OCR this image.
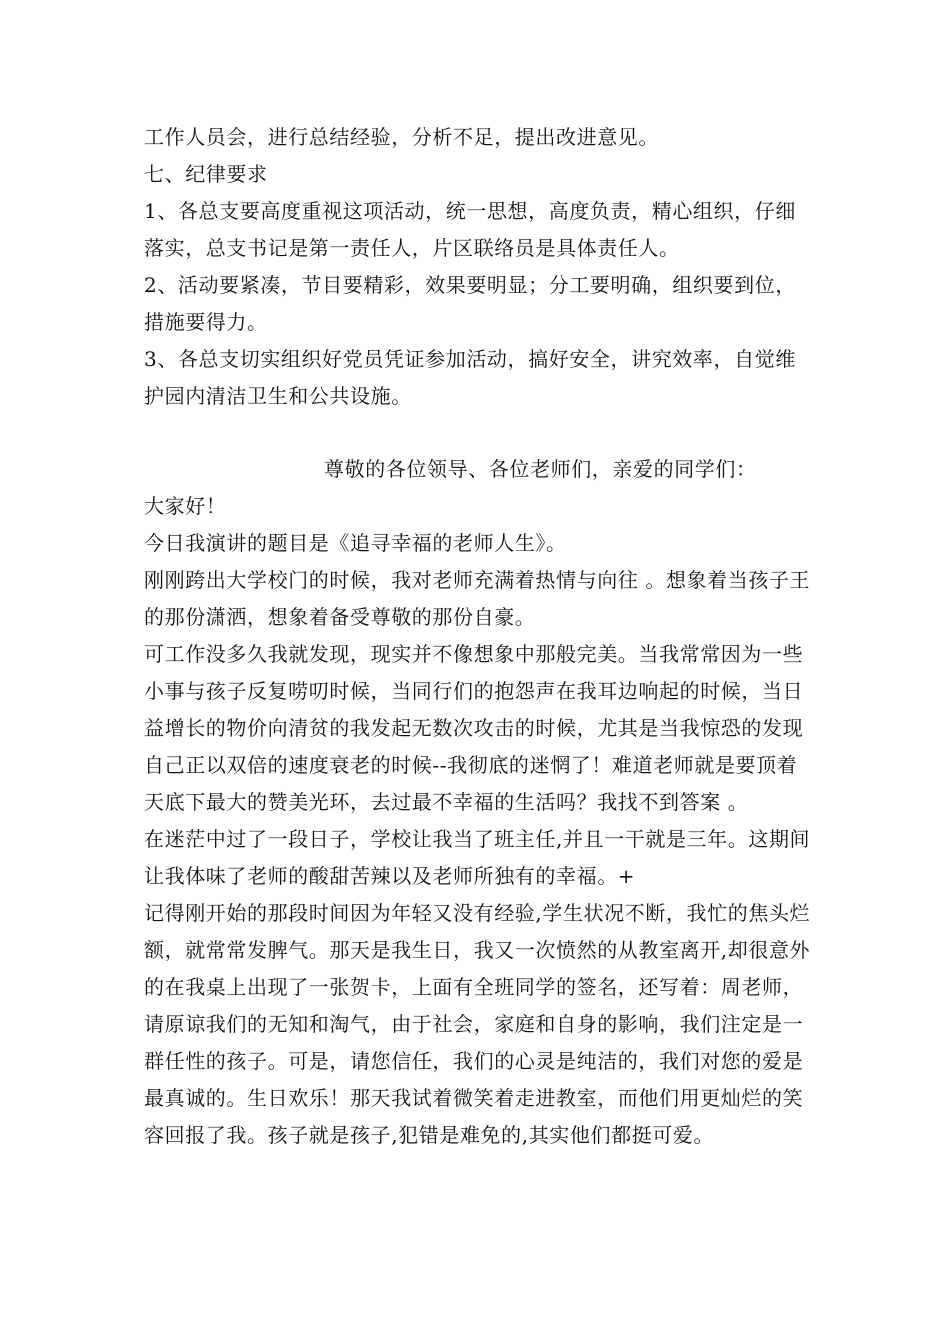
工作人员会，进行总结经验，分析不足，提出改进意见。

七、纪律要求

1、各总支要高度重视这项活动，统一思想，高度负责，精心组织，仔细落实，总支书记是第一责任人，片区联络员是具体责任人。

2、活动要紧凑，节目要精彩，效果要明显；分工要明确，组织要到位，措施要得力。

3、各总支切实组织好党员凭证参加活动，搞好安全，讲究效率，自觉维护园内清洁卫生和公共设施。

尊敬的各位领导、各位老师们，亲爱的同学们：

大家好！

今日我演讲的题目是《追寻幸福的老师人生》。

刚刚跨出大学校门的时候，我对老师充满着热情与向往 。想象着当孩子王的那份潇洒，想象着备受尊敬的那份自豪。

可工作没多久我就发现，现实并不像想象中那般完美。当我常常因为一些小事与孩子反复唠叨时候，当同行们的抱怨声在我耳边响起的时候，当日益增长的物价向清贫的我发起无数次攻击的时候，尤其是当我惊恐的发现自己正以双倍的速度衰老的时候--我彻底的迷惘了！难道老师就是要顶着天底下最大的赞美光环，去过最不幸福的生活吗？我找不到答案 。

在迷茫中过了一段日子，学校让我当了班主任,并且一干就是三年。这期间让我体味了老师的酸甜苦辣以及老师所独有的幸福。+

记得刚开始的那段时间因为年轻又没有经验,学生状况不断，我忙的焦头烂额，就常常发脾气。那天是我生日，我又一次愤然的从教室离开,却很意外的在我桌上出现了一张贺卡，上面有全班同学的签名，还写着：周老师，请原谅我们的无知和淘气，由于社会，家庭和自身的影响，我们注定是一群任性的孩子。可是，请您信任，我们的心灵是纯洁的，我们对您的爱是最真诚的。生日欢乐！那天我试着微笑着走进教室，而他们用更灿烂的笑容回报了我。孩子就是孩子,犯错是难免的,其实他们都挺可爱。
